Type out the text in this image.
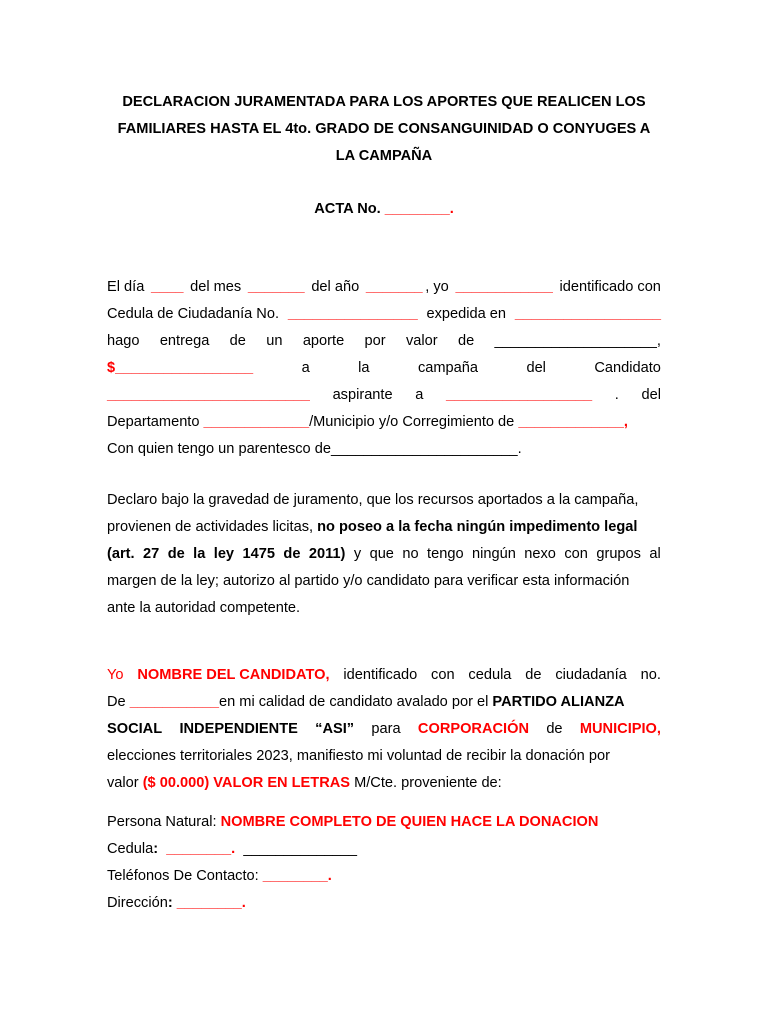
DECLARACION JURAMENTADA PARA LOS APORTES QUE REALICEN LOS
FAMILIARES HASTA EL 4to. GRADO DE CONSANGUINIDAD O CONYUGES A
LA CAMPAÑA
ACTA No. ________.
El día ____ del mes _______ del año _______ , yo ____________ identificado con
Cedula de Ciudadanía No. ________________ expedida en __________________
hago entrega de un aporte por valor de ____________________,
$_________________	a	la	campaña	del	Candidato
_________________________ aspirante a __________________ . del
Departamento _____________/Municipio y/o Corregimiento de _____________,
Con quien tengo un parentesco de_______________________.
Declaro bajo la gravedad de juramento, que los recursos aportados a la campaña,
provienen de actividades licitas, no poseo a la fecha ningún impedimento legal
(art. 27 de la ley 1475 de 2011) y que no tengo ningún nexo con grupos al
margen de la ley; autorizo al partido y/o candidato para verificar esta información
ante la autoridad competente.
Yo NOMBRE DEL CANDIDATO, identificado con cedula de ciudadanía no.
De ___________en mi calidad de candidato avalado por el PARTIDO ALIANZA
SOCIAL INDEPENDIENTE “ASI” para CORPORACIÓN de MUNICIPIO,
elecciones territoriales 2023, manifiesto mi voluntad de recibir la donación por
valor ($ 00.000) VALOR EN LETRAS M/Cte. proveniente de:
Persona Natural: NOMBRE COMPLETO DE QUIEN HACE LA DONACION
Cedula: ________. ______________
Teléfonos De Contacto: ________.
Dirección: ________.
